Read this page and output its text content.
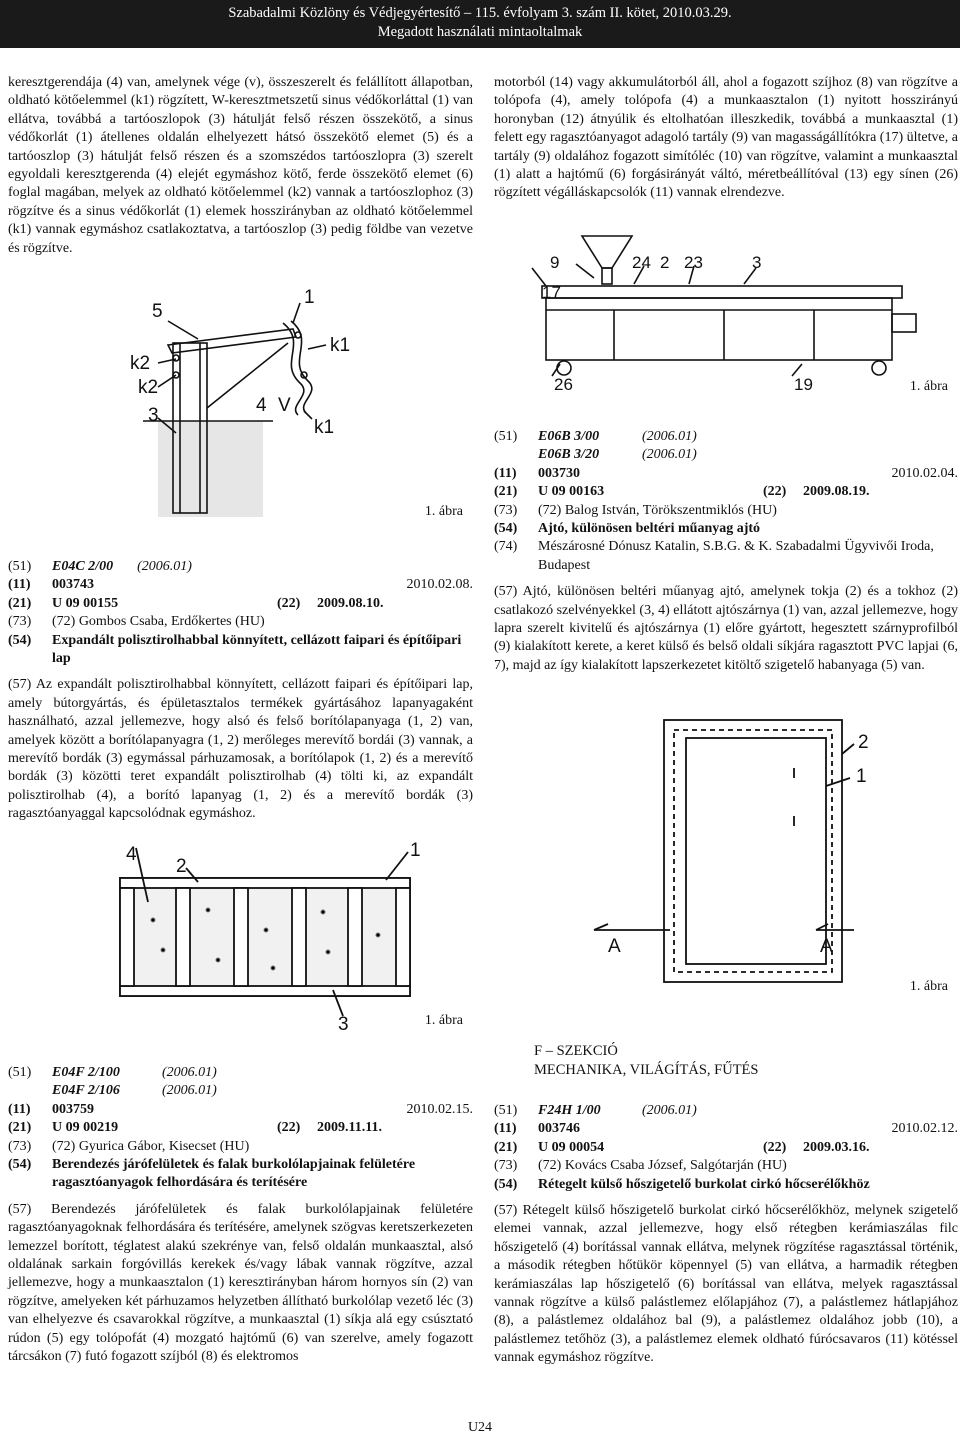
Szabadalmi Közlöny és Védjegyértesítő – 115. évfolyam 3. szám II. kötet, 2010.03.29.
Megadott használati mintaoltalmak

keresztgerendája (4) van, amelynek vége (v), összeszerelt és felállított állapotban, oldható kötőelemmel (k1) rögzített, W-keresztmetszetű sinus védőkorláttal (1) van ellátva, továbbá a tartóoszlopok (3) hátulját felső részen összekötő, a sinus védőkorlát (1) átellenes oldalán elhelyezett hátsó összekötő elemet (5) és a tartóoszlop (3) hátulját felső részen és a szomszédos tartóoszlopra (3) szerelt egyoldali keresztgerenda (4) elejét egymáshoz kötő, ferde összekötő elemet (6) foglal magában, melyek az oldható kötőelemmel (k2) vannak a tartóoszlophoz (3) rögzítve és a sinus védőkorlát (1) elemek hosszirányban az oldható kötőelemmel (k1) vannak egymáshoz csatlakoztatva, a tartóoszlop (3) pedig földbe van vezetve és rögzítve.

1
5
k2
k2
k1
3	4 V
k1
1. ábra
(51)	E04C 2/00 (2006.01)
(11)	003743	2010.02.08.
(21)	U 09 00155	(22)	2009.08.10.
(73)	(72) Gombos Csaba, Erdőkertes (HU)
(54)	Expandált polisztirolhabbal könnyített, cellázott faipari és építőipari lap

(57) Az expandált polisztirolhabbal könnyített, cellázott faipari és építőipari lap, amely bútorgyártás, és épületasztalos termékek gyártásához lapanyagaként használható, azzal jellemezve, hogy alsó és felső borítólapanyaga (1, 2) van, amelyek között a borítólapanyagra (1, 2) merőleges merevítő bordái (3) vannak, a merevítő bordák (3) egymással párhuzamosak, a borítólapok (1, 2) és a merevítő bordák (3) közötti teret expandált polisztirolhab (4) tölti ki, az expandált polisztirolhab (4), a borító lapanyag (1, 2) és a merevítő bordák (3) ragasztóanyaggal kapcsolódnak egymáshoz.

4
2
1
3	1. ábra
(51)	E04F 2/100	(2006.01)
E04F 2/106	(2006.01)
(11)	003759	2010.02.15.
(21)	U 09 00219	(22)	2009.11.11.
(73)	(72) Gyurica Gábor, Kisecset (HU)
(54)	Berendezés járófelületek és falak burkolólapjainak felületére ragasztóanyagok felhordására és terítésére

(57) Berendezés járófelületek és falak burkolólapjainak felületére ragasztóanyagoknak felhordására és terítésére, amelynek szögvas keretszerkezeten lemezzel borított, téglatest alakú szekrénye van, felső oldalán munkaasztal, alsó oldalának sarkain forgóvillás kerekek és/vagy lábak vannak rögzítve, azzal jellemezve, hogy a munkaasztalon (1) keresztirányban három hornyos sín (2) van rögzítve, amelyeken két párhuzamos helyzetben állítható burkolólap vezető léc (3) van elhelyezve és csavarokkal rögzítve, a munkaasztal (1) síkja alá egy csúsztató rúdon (5) egy tolópofát (4) mozgató hajtómű (6) van szerelve, amely fogazott tárcsákon (7) futó fogazott szíjból (8) és elektromos

motorból (14) vagy akkumulátorból áll, ahol a fogazott szíjhoz (8) van rögzítve a tolópofa (4), amely tolópofa (4) a munkaasztalon (1) nyitott hosszirányú horonyban (12) átnyúlik és eltolhatóan illeszkedik, továbbá a munkaasztal (1) felett egy ragasztóanyagot adagoló tartály (9) van magasságállítókra (17) ültetve, a tartály (9) oldalához fogazott simítóléc (10) van rögzítve, valamint a munkaasztal (1) alatt a hajtómű (6) forgásirányát váltó, méretbeállítóval (13) egy sínen (26) rögzített végálláskapcsolók (11) vannak elrendezve.

9	24 2 23	3
17
26	19	1. ábra
(51)	E06B 3/00	(2006.01)
E06B 3/20	(2006.01)
(11)	003730	2010.02.04.
(21)	U 09 00163	(22)	2009.08.19.
(73)	(72) Balog István, Törökszentmiklós (HU)
(54)	Ajtó, különösen beltéri műanyag ajtó
(74)	Mészárosné Dónusz Katalin, S.B.G. & K. Szabadalmi Ügyvivői Iroda, Budapest

(57) Ajtó, különösen beltéri műanyag ajtó, amelynek tokja (2) és a tokhoz (2) csatlakozó szelvényekkel (3, 4) ellátott ajtószárnya (1) van, azzal jellemezve, hogy lapra szerelt kivitelű és ajtószárnya (1) előre gyártott, hegesztett szárnyprofilból (9) kialakított kerete, a keret külső és belső oldali síkjára ragasztott PVC lapjai (6, 7), majd az így kialakított lapszerkezetet kitöltő szigetelő habanyaga (5) van.

2
1
A	A
1. ábra
F – SZEKCIÓ
MECHANIKA, VILÁGÍTÁS, FŰTÉS
(51)	F24H 1/00	(2006.01)
(11)	003746	2010.02.12.
(21)	U 09 00054	(22)	2009.03.16.
(73)	(72) Kovács Csaba József, Salgótarján (HU)
(54)	Rétegelt külső hőszigetelő burkolat cirkó hőcserélőkhöz

(57) Rétegelt külső hőszigetelő burkolat cirkó hőcserélőkhöz, melynek szigetelő elemei vannak, azzal jellemezve, hogy első rétegben kerámiaszálas filc hőszigetelő (4) borítással vannak ellátva, melynek rögzítése ragasztással történik, a második rétegben hőtükör köpennyel (5) van ellátva, a harmadik rétegben kerámiaszálas lap hőszigetelő (6) borítással van ellátva, melyek ragasztással vannak rögzítve a külső palástlemez előlapjához (7), a palástlemez hátlapjához (8), a palástlemez oldalához bal (9), a palástlemez oldalához jobb (10), a palástlemez tetőhöz (3), a palástlemez elemek oldható fúrócsavaros (11) kötéssel vannak egymáshoz rögzítve.

U24
